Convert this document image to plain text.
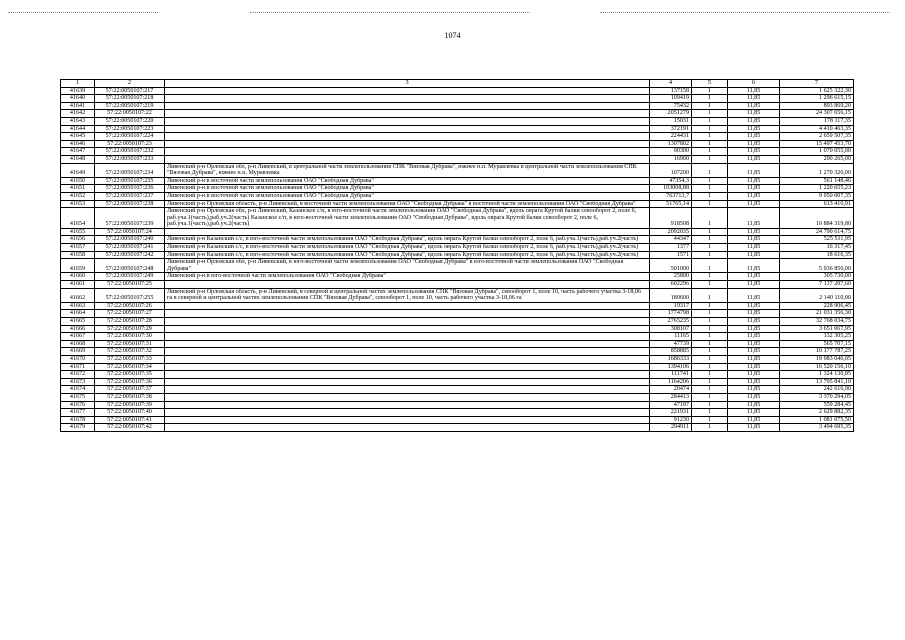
1074
1	2	3	4	5	6	7
41639	57:22:0050107:217		137158	1	11,85	1 625 322,30
41640	57:22:0050107:218		109419	1	11,85	1 296 615,15
41641	57:22:0050107:219		75432	1	11,85	893 869,20
41642	57:22:0050107:22		2051279	1	11,85	24 307 656,15
41643	57:22:0050107:220		15031	1	11,85	178 117,35
41644	57:22:0050107:223		372191	1	11,85	4 410 463,35
41645	57:22:0050107:224		224431	1	11,85	2 659 507,35
41646	57:22:0050107:23		1307802	1	11,85	15 497 453,70
41647	57:22:0050107:232		90300	1	11,85	1 070 055,00
41648	57:22:0050107:233		16900	1	11,85	200 265,00
41649	57:22:0050107:234	Ливенский р-н Орловская обл, р-н Ливенский, в центральной части землепользования СПК "Вязовая Дубрава", южнее н.п. Муравлевка в центральной части землепользования СПК "Вязовая Дубрава", южнее н.п. Муравлевка	107200	1	11,85	1 270 320,00
41650	57:22:0050107:235	Ливенский р-н в восточной части землепользования ОАО "Свободная Дубрава"	47354,3	1	11,85	561 148,46
41651	57:22:0050107:236	Ливенский р-н в восточной части землепользования ОАО "Свободная Дубрава"	103008,88	1	11,85	1 220 655,23
41652	57:22:0050107:237	Ливенский р-н в восточной части землепользования ОАО "Свободная Дубрава"	763713,7	1	11,85	9 050 007,35
41653	57:22:0050107:238	Ливенский р-н Орловская область, р-н Ливенский, в восточной части землепользования ОАО "Свободная Дубрава" в восточной части землепользования ОАО "Свободная Дубрава"	51765,14	1	11,85	613 416,91
41654	57:22:0050107:239	Ливенский р-н Орловская обл, р-н Ливенский, Казанское с/п, в юго-восточной части землепользования ОАО "Свободная Дубрава", вдоль оврага Крутой балки севооборот 2, поле 6, раб.уча.1(часть),раб.уч.2(часть) Казанское с/п, в юго-восточной части землепользования ОАО "Свободная Дубрава", вдоль оврага Крутой балки севооборот 2, поле 6, раб.уча.1(часть),раб.уч.2(часть)	918508	1	11,85	10 884 319,80
41655	57:22:0050107:24		2092035	1	11,85	24 790 614,75
41656	57:22:0050107:240	Ливенский р-н Казанский с/с, в юго-восточной части землепользования ОАО "Свободная Дубрава", вдоль оврага Крутой балки севооборот 2, поле 6, раб.уча.1(часть),раб.уч.2(часть)	44347	1	11,85	525 511,95
41657	57:22:0050107:241	Ливенский р-н Казанский с/с, в юго-восточной части землепользования ОАО "Свободная Дубрава", вдоль оврага Крутой балки севооборот 2, поле 6, раб.уча.1(часть),раб.уч.2(часть)	1377	1	11,85	16 317,45
41658	57:22:0050107:242	Ливенский р-н Казанский с/с, в юго-восточной части землепользования ОАО "Свободная Дубрава", вдоль оврага Крутой балки севооборот 2, поле 6, раб.уча.1(часть),раб.уч.2(часть)	1571	1	11,85	18 616,35
41659	57:22:0050107:248	Ливенский р-н Орловская обл, р-н Ливенский, в юго-восточной части землепользования ОАО "Свободная Дубрава" в юго-восточной части землепользования ОАО "Свободная Дубрава"	501000	1	11,85	5 936 850,00
41660	57:22:0050107:249	Ливенский р-н в юго-восточной части землепользования ОАО "Свободная Дубрава"	25800	1	11,85	305 730,00
41661	57:22:0050107:25		602296	1	11,85	7 137 207,60
41662	57:22:0050107:255	Ливенский р-н Орловская область, р-н Ливенский, в северной и центральной частях землепользования СПК "Вязовая Дубрава", севооборот 1, поле 10, часть рабочего участка 3-18,06 га в северной и центральной частях землепользования СПК "Вязовая Дубрава", севооборот 1, поле 10, часть рабочего участка 3-18,06 га	180600	1	11,85	2 140 110,00
41663	57:22:0050107:26		19317	1	11,85	228 906,45
41664	57:22:0050107:27		1774798	1	11,85	21 031 356,30
41665	57:22:0050107:28		2765235	1	11,85	32 768 034,75
41666	57:22:0050107:29		308107	1	11,85	3 651 067,95
41667	57:22:0050107:30		11165	1	11,85	132 305,25
41668	57:22:0050107:31		47739	1	11,85	565 707,15
41669	57:22:0050107:32		858885	1	11,85	10 177 787,25
41670	57:22:0050107:33		1686333	1	11,85	19 983 046,05
41671	57:22:0050107:34		1394106	1	11,85	16 520 156,10
41672	57:22:0050107:35		111741	1	11,85	1 324 130,85
41673	57:22:0050107:36		1164206	1	11,85	13 795 841,10
41674	57:22:0050107:37		20474	1	11,85	242 616,90
41675	57:22:0050107:38		284413	1	11,85	3 370 294,05
41676	57:22:0050107:39		47197	1	11,85	559 284,45
41677	57:22:0050107:40		221931	1	11,85	2 629 882,35
41678	57:22:0050107:41		91230	1	11,85	1 081 075,50
41679	57:22:0050107:42		294911	1	11,85	3 494 695,35
